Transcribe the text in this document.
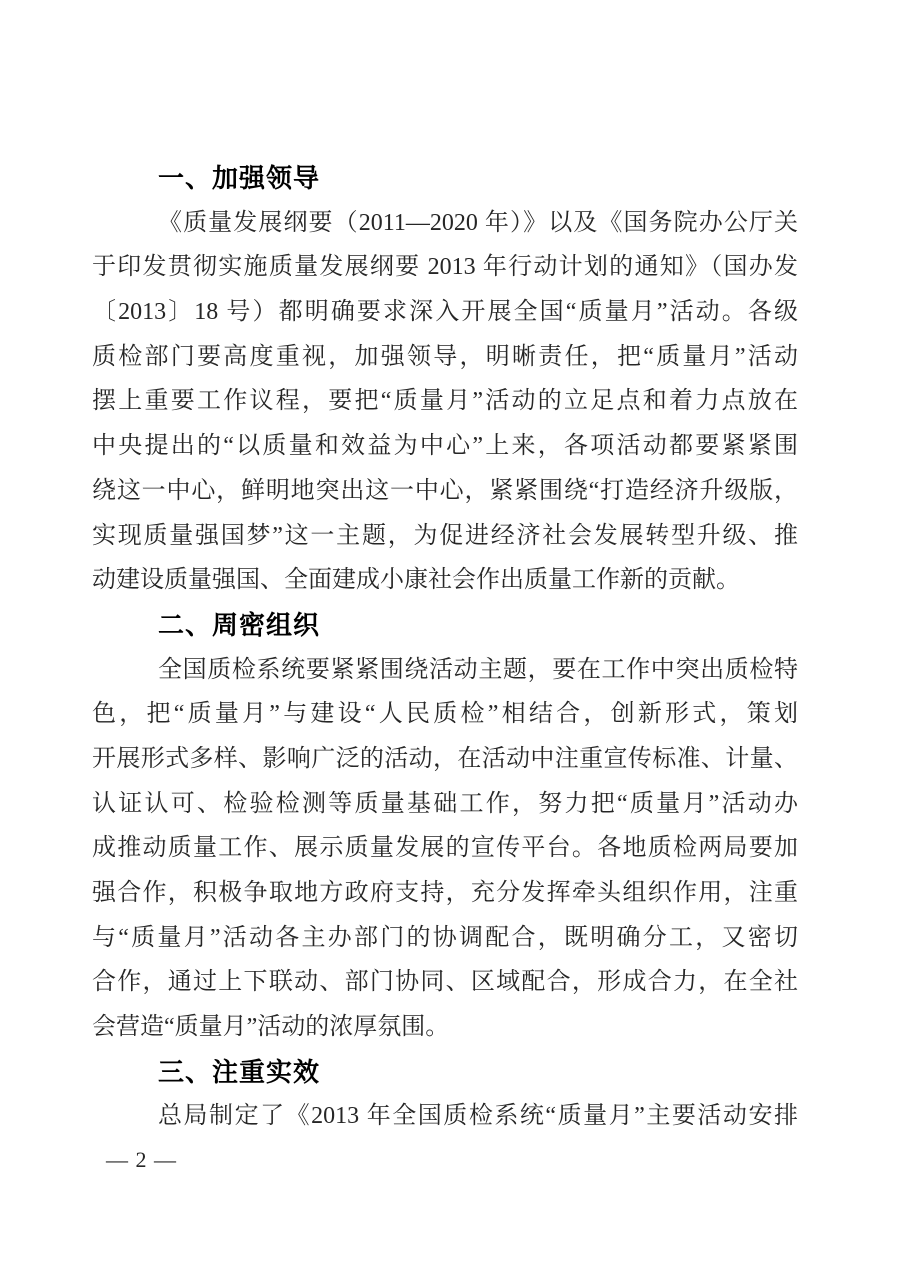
一、加强领导
《质量发展纲要（2011—2020 年）》以及《国务院办公厅关
于印发贯彻实施质量发展纲要 2013 年行动计划的通知》（国办发
〔2013〕18 号）都明确要求深入开展全国“质量月”活动。各级
质检部门要高度重视，加强领导，明晰责任，把“质量月”活动
摆上重要工作议程，要把“质量月”活动的立足点和着力点放在
中央提出的“以质量和效益为中心”上来，各项活动都要紧紧围
绕这一中心，鲜明地突出这一中心，紧紧围绕“打造经济升级版，
实现质量强国梦”这一主题，为促进经济社会发展转型升级、推
动建设质量强国、全面建成小康社会作出质量工作新的贡献。
二、周密组织
全国质检系统要紧紧围绕活动主题，要在工作中突出质检特
色，把“质量月”与建设“人民质检”相结合，创新形式，策划
开展形式多样、影响广泛的活动，在活动中注重宣传标准、计量、
认证认可、检验检测等质量基础工作，努力把“质量月”活动办
成推动质量工作、展示质量发展的宣传平台。各地质检两局要加
强合作，积极争取地方政府支持，充分发挥牵头组织作用，注重
与“质量月”活动各主办部门的协调配合，既明确分工，又密切
合作，通过上下联动、部门协同、区域配合，形成合力，在全社
会营造“质量月”活动的浓厚氛围。
三、注重实效
总局制定了《2013 年全国质检系统“质量月”主要活动安排
— 2 —
